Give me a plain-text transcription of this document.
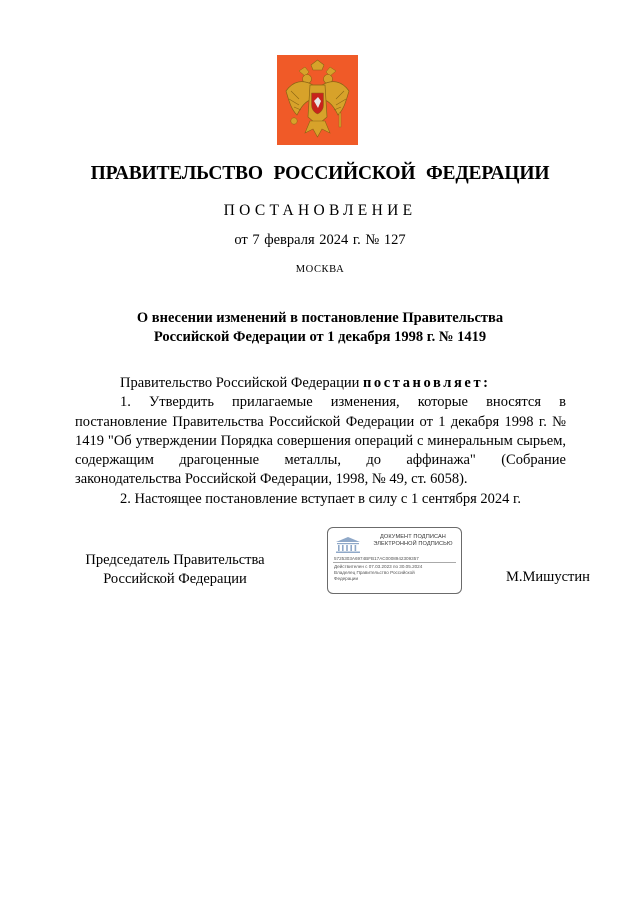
ПРАВИТЕЛЬСТВО РОССИЙСКОЙ ФЕДЕРАЦИИ
ПОСТАНОВЛЕНИЕ
от 7 февраля 2024 г. № 127
МОСКВА
О внесении изменений в постановление Правительства
Российской Федерации от 1 декабря 1998 г. № 1419

Правительство Российской Федерации постановляет:

1. Утвердить прилагаемые изменения, которые вносятся в постановление Правительства Российской Федерации от 1 декабря 1998 г. № 1419 "Об утверждении Порядка совершения операций с минеральным сырьем, содержащим драгоценные металлы, до аффинажа" (Собрание законодательства Российской Федерации, 1998, № 49, ст. 6058).

2. Настоящее постановление вступает в силу с 1 сентября 2024 г.

Председатель Правительства
Российской Федерации
ДОКУМЕНТ ПОДПИСАН
ЭЛЕКТРОННОЙ ПОДПИСЬЮ
5725303A6974BFB17AC0008942309357
Действителен с 07.03.2023 по 30.05.2024
Владелец Правительство Российской
Федерации	М.Мишустин
